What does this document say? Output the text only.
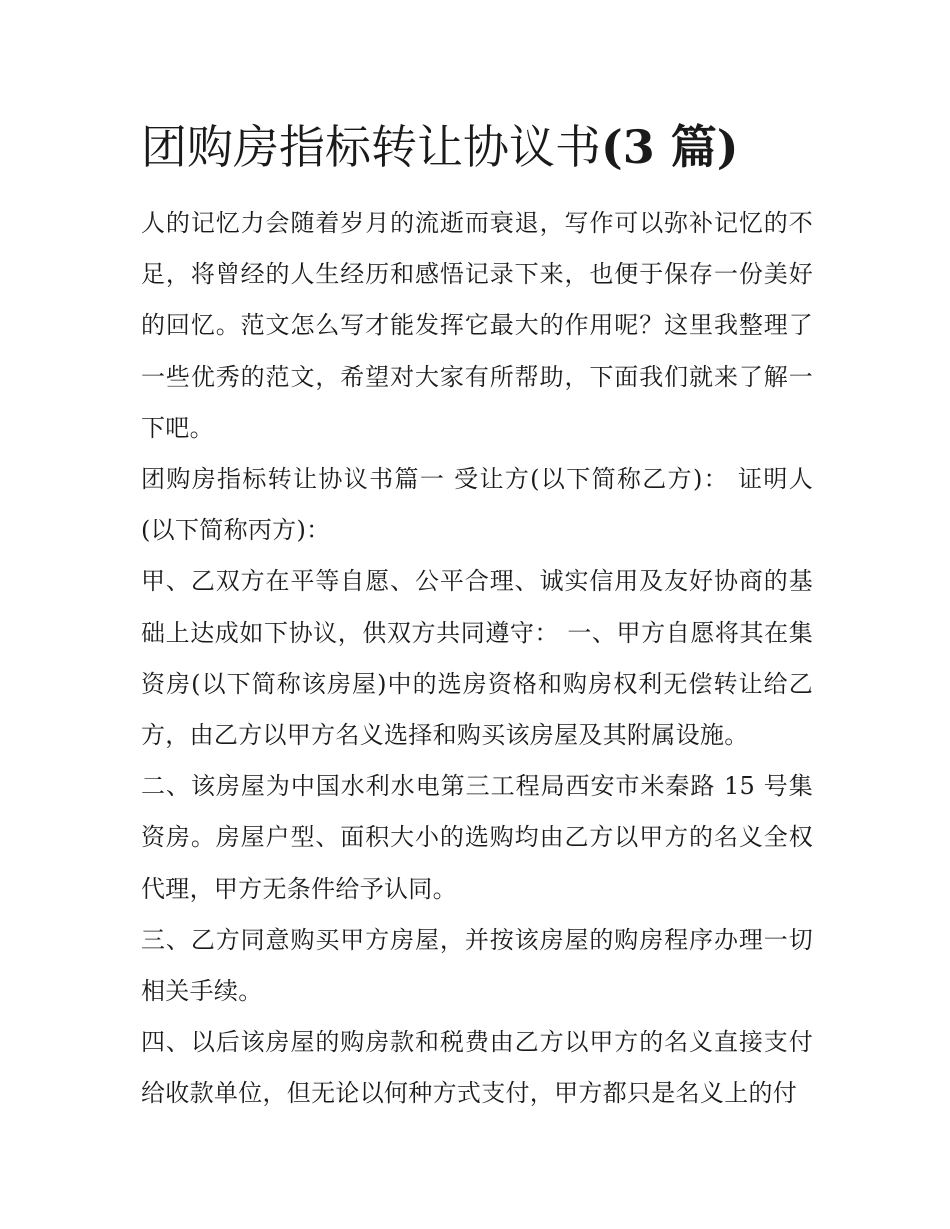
团购房指标转让协议书(3 篇)

人的记忆力会随着岁月的流逝而衰退，写作可以弥补记忆的不足，将曾经的人生经历和感悟记录下来，也便于保存一份美好的回忆。范文怎么写才能发挥它最大的作用呢？这里我整理了一些优秀的范文，希望对大家有所帮助，下面我们就来了解一下吧。

团购房指标转让协议书篇一 受让方(以下简称乙方)： 证明人(以下简称丙方)：

甲、乙双方在平等自愿、公平合理、诚实信用及友好协商的基础上达成如下协议，供双方共同遵守： 一、甲方自愿将其在集资房(以下简称该房屋)中的选房资格和购房权利无偿转让给乙方，由乙方以甲方名义选择和购买该房屋及其附属设施。

二、该房屋为中国水利水电第三工程局西安市米秦路 15 号集资房。房屋户型、面积大小的选购均由乙方以甲方的名义全权代理，甲方无条件给予认同。

三、乙方同意购买甲方房屋，并按该房屋的购房程序办理一切相关手续。

四、以后该房屋的购房款和税费由乙方以甲方的名义直接支付给收款单位，但无论以何种方式支付，甲方都只是名义上的付
